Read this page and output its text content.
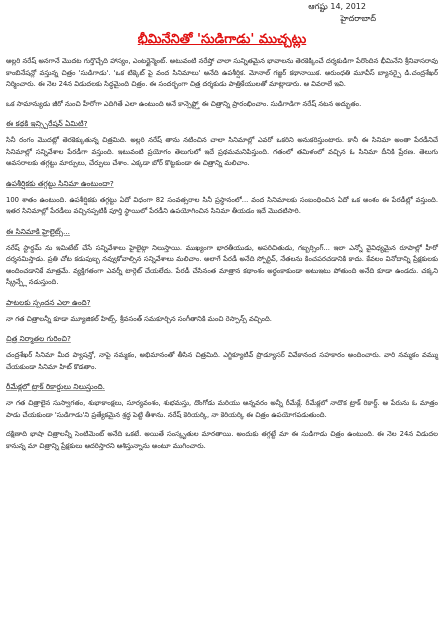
ఆగష్టు 14, 2012
హైదరాబాద్
భీమినేనితో 'సుడిగాడు' ముచ్చట్లు

అల్లరి నరేష్ అనగానే మొదట గుర్తొచ్చేది హాస్యం, ఎంటర్టైన్మెంట్. అటువంటి నరేష్తో చాలా సున్నితమైన భావాలను తెరకెక్కించే దర్శకుడిగా పేరొందిన భీమినేని శ్రీనివాసరావు కాంబినేషన్లో వస్తున్న చిత్రం 'సుడిగాడు'. 'ఒక టిక్కెట్ పై వంద సినిమాలు' అనేది ఉపశీర్షిక. మోనాల్ గజ్జర్ కథానాయిక. అరుంధతి మూవీస్ బ్యానర్పై డి.చంద్రశేఖర్ నిర్మించారు. ఈ నెల 24న విడుదలకు సిద్ధమైంది చిత్రం. ఈ సందర్భంగా చిత్ర దర్శకుడు పాత్రికేయులతో మాట్లాడారు. ఆ వివరాలే ఇవి.

ఒక సామాన్యుడు జీరో నుంచి హీరోగా ఎదిగితే ఎలా ఉంటుంది అనే కాన్సెప్ట్తో ఈ చిత్రాన్ని ప్రారంభించాం. సుడిగాడిగా నరేష్ నటన అద్భుతం.

ఈ కథకి ఇన్స్పిరేషన్ ఏమిటి?

సినీ రంగం మొదట్లో తెరకెక్కుతున్న చిత్రమిది. అల్లరి నరేష్ తాను నటించిన చాలా సినిమాల్లో ఎవరో ఒకరిని అనుకరిస్తుంటారు. కానీ ఈ సినిమా అంతా పేరడీనిచే సినిమాల్లో సన్నివేశాల పేరడీగా వస్తుంది. ఇటువంటి ప్రయోగం తెలుగులో ఇదే ప్రథమమనిపిస్తుంది. గతంలో తమిళంలో వచ్చిన ఓ సినిమా దీనికి ప్రేరణ. తెలుగు అవసరాలకు తగ్గట్టు మార్పులు, చేర్పులు చేశాం. ఎక్కడా బోర్ కొట్టకుండా ఈ చిత్రాన్ని మలిచాం.

ఉపశీర్షికకు తగ్గట్టు సినిమా ఉంటుందా?

100 శాతం ఉంటుంది. ఉపశీర్షికకు తగ్గట్టు ఏదో విధంగా 82 సంవత్సరాల సినీ ప్రస్థానంలో... వంద సినిమాలకు సంబంధించిన ఏదో ఒక అంశం ఈ పేరడీల్లో వస్తుంది. ఇతర సినిమాల్లో పేరడీలు వచ్చినప్పటికీ పూర్తి స్థాయిలో పేరడీని ఉపయోగించిన సినిమా తీయడం ఇదే మొదటిసారి.

ఈ సినిమాకి హైలైట్స్...

నరేష్ స్టార్డమ్ ను ఇమిటేట్ చేసే సన్నివేశాలు హైలైట్గా నిలుస్తాయి. ముఖ్యంగా భారతీయుడు, అపరిచితుడు, గబ్బర్సింగ్... ఇలా ఎన్నో వైవిధ్యమైన రూపాల్లో హీరో దర్శనమిస్తాడు. ప్రతి చోట కడుపుబ్బ నవ్వుకోవాల్సిన సన్నివేశాలు మలిచాం. అలాగే పేరడీ అనేది స్పోర్టివ్, నేతలను కించపరచడానికి కాదు. కేవలం వినోదాన్ని ప్రేక్షకులకు అందించడానికే మాత్రమే. వ్యక్తిగతంగా ఎవర్నీ టార్గెట్ చేయలేదు. పేరడీ చేసినంత మాత్రాన కథాంశం అర్థంకాకుండా అటుఇటు పోతుంది అనేది కూడా ఉండదు. చక్కని స్క్రీన్ప్లే నడుస్తుంది.

పాటలకు స్పందన ఎలా ఉంది?

నా గత చిత్రాలన్నీ కూడా మ్యూజికల్ హిట్స్. శ్రీవసంత్ సమకూర్చిన సంగీతానికి మంచి రెస్పాన్స్ వచ్చింది.

చిత్ర నిర్మాతల గురించి?

చంద్రశేఖర్ సినిమా మీద ప్యాషన్తో, నాపై నమ్మకం, అభిమానంతో తీసిన చిత్రమిది. ఎగ్జిక్యూటివ్ ప్రొడ్యూసర్ వివేకానంద సహకారం అందించారు. వారి నమ్మకం వమ్ము చేయకుండా సినిమా హిట్ కొడతాం.

రీమేక్లలో ట్రాక్ రికార్డులు నిలుస్తుంది.

నా గత చిత్రాలైన సుస్వాగతం, శుభాకాంక్షలు, సూర్యవంశం, శుభమస్తు, దొంగోడు మరియు అన్నవరం అన్నీ రీమేక్లే. రీమేక్లలో నాదొక ట్రాక్ రికార్డ్. ఆ పేరును ఓ మాత్రం పాడు చేయకుండా 'సుడిగాడు'ని ప్రత్యేకమైన శ్రద్ధ పెట్టి తీశాను. నరేష్ కెరియర్కి, నా కెరియర్కి ఈ చిత్రం ఉపయోగపడుతుంది.

దక్షిణాది భాషా చిత్రాలన్నీ సెంటిమెంట్ అనేది ఒకటే. అయితే సంస్కృతుల మారతాయి. అందుకు తగ్గట్టే మా ఈ సుడిగాడు చిత్రం ఉంటుంది. ఈ నెల 24న విడుదల కానున్న మా చిత్రాన్ని ప్రేక్షకులు ఆదరిస్తారని ఆశిస్తున్నాను అంటూ ముగించారు.
